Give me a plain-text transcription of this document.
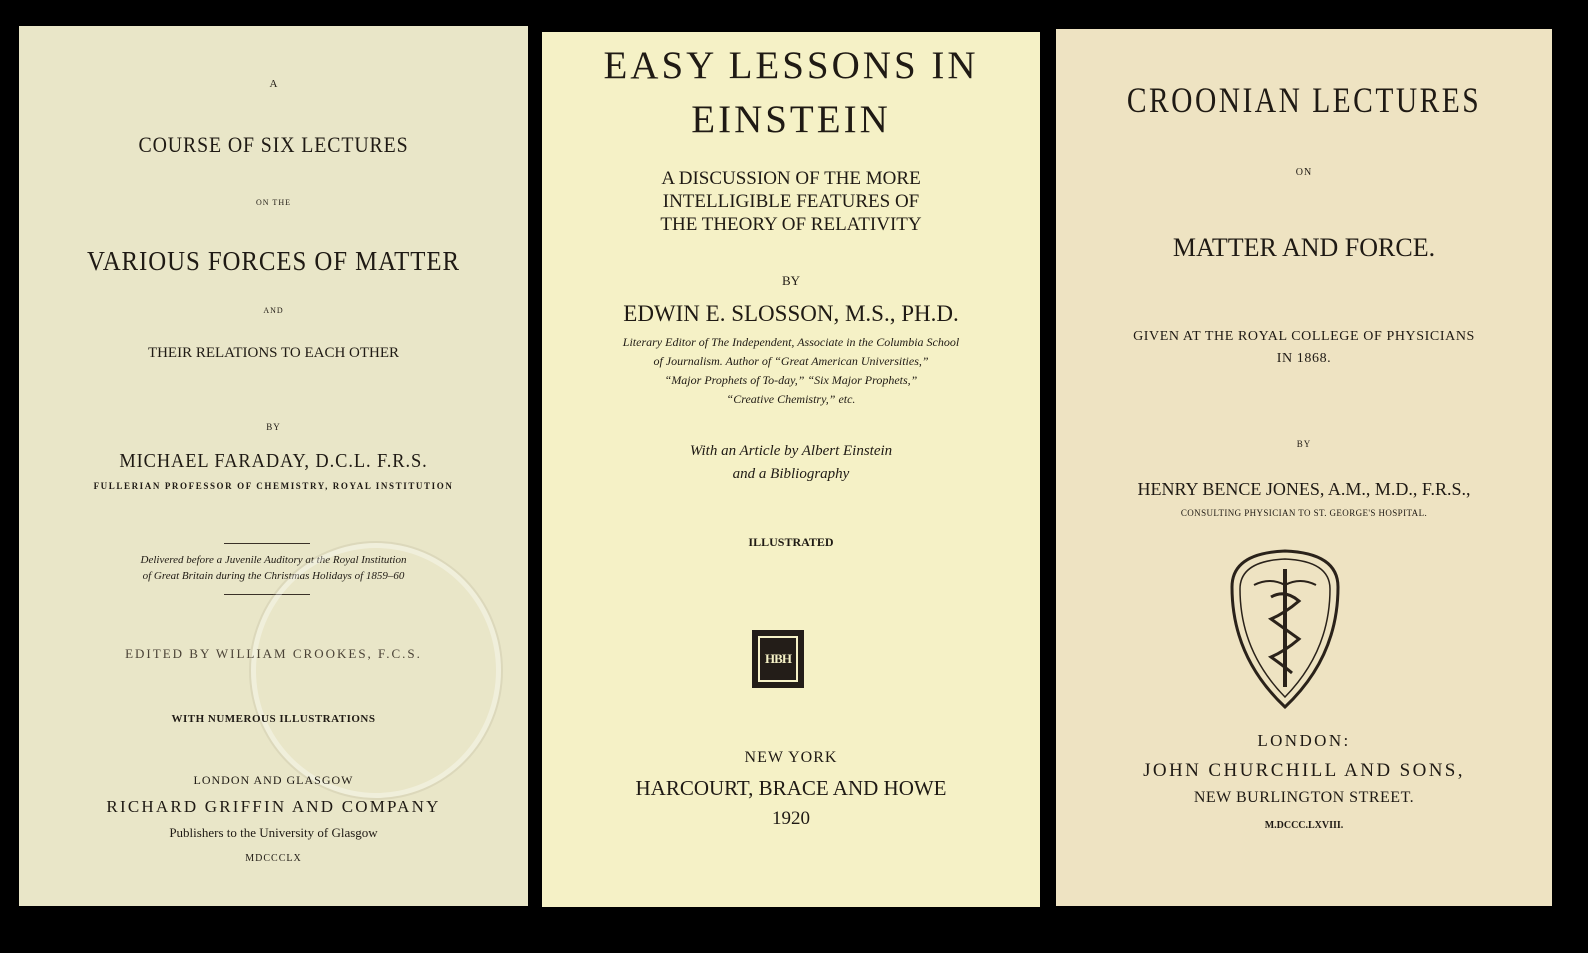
A

COURSE OF SIX LECTURES

ON THE

VARIOUS FORCES OF MATTER

AND

THEIR RELATIONS TO EACH OTHER

BY

MICHAEL FARADAY, D.C.L. F.R.S.

FULLERIAN PROFESSOR OF CHEMISTRY, ROYAL INSTITUTION

Delivered before a Juvenile Auditory at the Royal Institution

of Great Britain during the Christmas Holidays of 1859–60

EDITED BY WILLIAM CROOKES, F.C.S.

WITH NUMEROUS ILLUSTRATIONS

LONDON AND GLASGOW

RICHARD GRIFFIN AND COMPANY

Publishers to the University of Glasgow

MDCCCLX

EASY LESSONS IN

EINSTEIN

A DISCUSSION OF THE MORE

INTELLIGIBLE FEATURES OF

THE THEORY OF RELATIVITY

BY

EDWIN E. SLOSSON, M.S., PH.D.

Literary Editor of The Independent, Associate in the Columbia School

of Journalism. Author of “Great American Universities,”

“Major Prophets of To-day,” “Six Major Prophets,”

“Creative Chemistry,” etc.

With an Article by Albert Einstein

and a Bibliography

ILLUSTRATED

HBH

NEW YORK

HARCOURT, BRACE AND HOWE

1920

CROONIAN LECTURES

ON

MATTER AND FORCE.

GIVEN AT THE ROYAL COLLEGE OF PHYSICIANS

IN 1868.

BY

HENRY BENCE JONES, A.M., M.D., F.R.S.,

CONSULTING PHYSICIAN TO ST. GEORGE'S HOSPITAL.

LONDON:

JOHN CHURCHILL AND SONS,

NEW BURLINGTON STREET.

M.DCCC.LXVIII.
